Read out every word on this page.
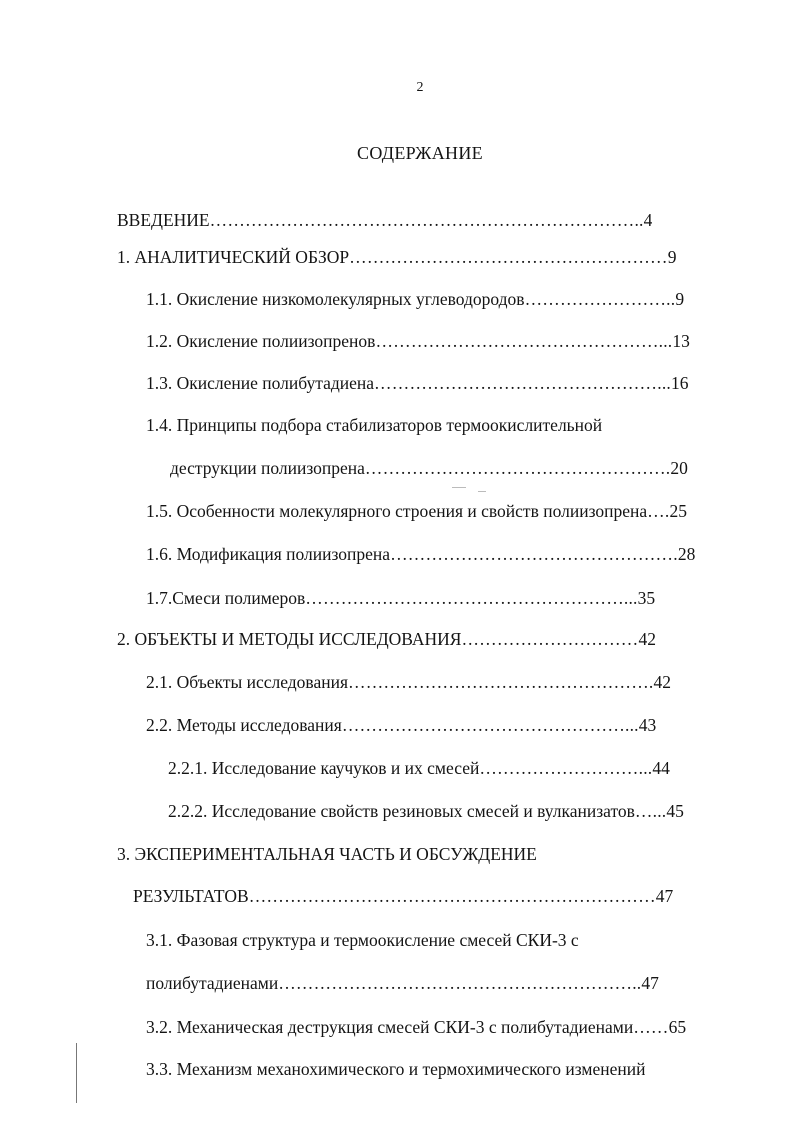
2
СОДЕРЖАНИЕ
ВВЕДЕНИЕ………………………………………………………………..4
1. АНАЛИТИЧЕСКИЙ ОБЗОР………………………………………………9
1.1. Окисление низкомолекулярных углеводородов……………………..9
1.2. Окисление полиизопренов…………………………………………...13
1.3. Окисление полибутадиена…………………………………………...16
1.4. Принципы подбора стабилизаторов термоокислительной
деструкции полиизопрена…………………………………………….20
1.5. Особенности молекулярного строения и свойств полиизопрена….25
1.6. Модификация полиизопрена………………………………………….28
1.7.Смеси полимеров………………………………………………...35
2. ОБЪЕКТЫ И МЕТОДЫ ИССЛЕДОВАНИЯ…………………………42
2.1. Объекты исследования…………………………………………….42
2.2. Методы исследования…………………………………………...43
2.2.1. Исследование каучуков и их смесей………………………...44
2.2.2. Исследование свойств резиновых смесей и вулканизатов…...45
3. ЭКСПЕРИМЕНТАЛЬНАЯ ЧАСТЬ И ОБСУЖДЕНИЕ
РЕЗУЛЬТАТОВ……………………………………………………………47
3.1. Фазовая структура и термоокисление смесей СКИ-3 с
полибутадиенами……………………………………………………..47
3.2. Механическая деструкция смесей СКИ-3 с полибутадиенами……65
3.3. Механизм механохимического и термохимического изменений
